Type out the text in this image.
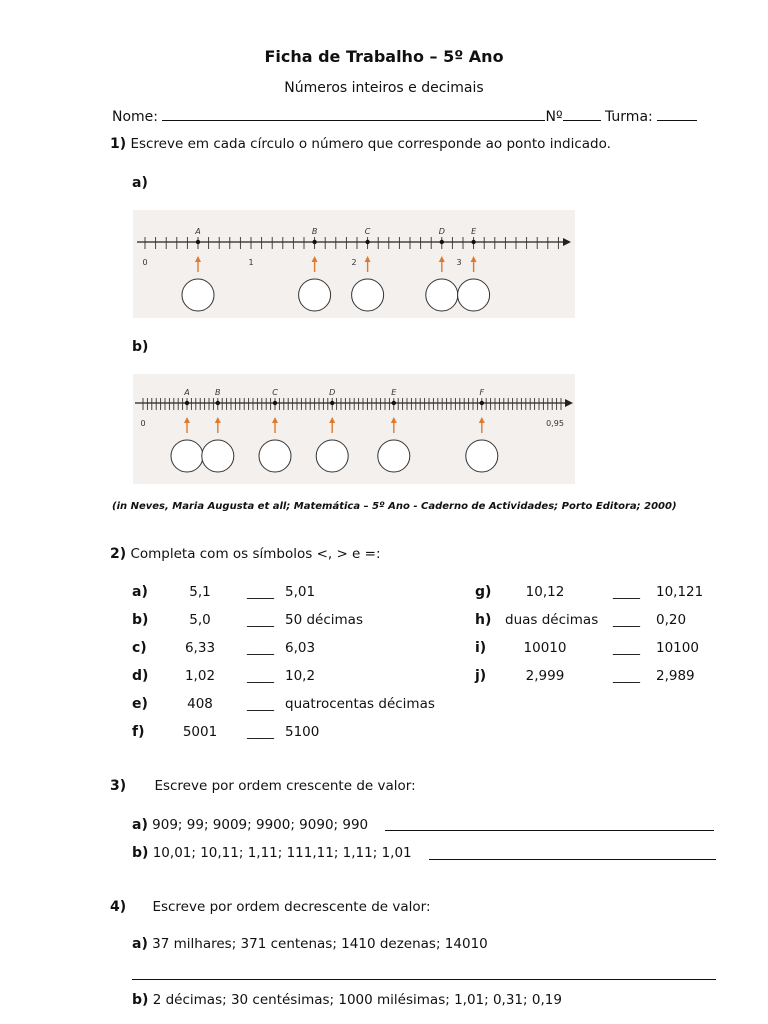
Ficha de Trabalho – 5º Ano
Números inteiros e decimais
Nome:	Nº	Turma:
1) Escreve em cada círculo o número que corresponde ao ponto indicado.
a)
0	1	2	3
A	B	C	D	E
b)
0	0,95
A	B	C	D	E	F
(in Neves, Maria Augusta et all; Matemática – 5º Ano - Caderno de Actividades; Porto Editora; 2000)
2) Completa com os símbolos <, > e =:
a)	5,1	____ 5,01
b)	5,0	____ 50 décimas
c)	6,33	____ 6,03
d)	1,02	____ 10,2
e)	408	____ quatrocentas décimas
f)	5001	____ 5100
g)	10,12	____ 10,121
h) duas décimas ____ 0,20
i)	10010	____ 10100
j)	2,999	____ 2,989
3) Escreve por ordem crescente de valor:
a) 909; 99; 9009; 9900; 9090; 990
b) 10,01; 10,11; 1,11; 111,11; 1,11; 1,01
4) Escreve por ordem decrescente de valor:
a) 37 milhares; 371 centenas; 1410 dezenas; 14010
b) 2 décimas; 30 centésimas; 1000 milésimas; 1,01; 0,31; 0,19
